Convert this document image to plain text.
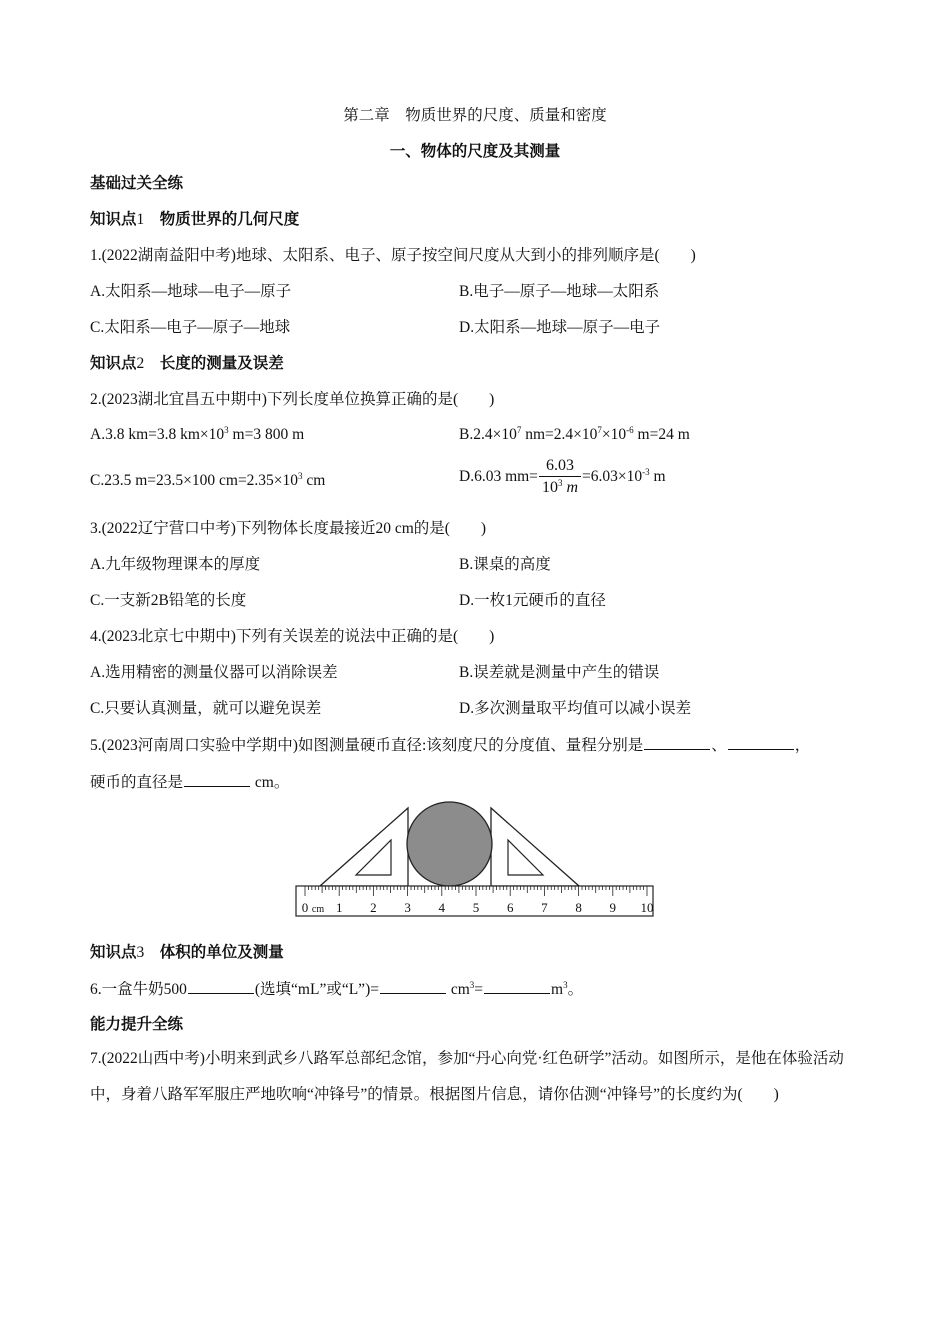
第二章　物质世界的尺度、质量和密度
一、物体的尺度及其测量
基础过关全练
知识点1　 物质世界的几何尺度
1.(2022湖南益阳中考)地球、太阳系、电子、原子按空间尺度从大到小的排列顺序是(　　)
A.太阳系—地球—电子—原子	B.电子—原子—地球—太阳系
C.太阳系—电子—原子—地球	D.太阳系—地球—原子—电子
知识点2　 长度的测量及误差
2.(2023湖北宜昌五中期中)下列长度单位换算正确的是(　　)
A.3.8 km=3.8 $km\times 10^3$ m=3 800 m	$B.2.4\times 10^7$ $nm=2.4\times 10^7\times 10^{-6}$ m=24 m
C.23.5 m=23.5×100 $cm=2.35\times 10^3$ cm	D.6.03 $mm= \frac{6.03}{10^3 m} =6.03\times 10^{-3}$ m
3.(2022辽宁营口中考)下列物体长度最接近20 cm的是(　　)
A.九年级物理课本的厚度	B.课桌的高度
C.一支新2B铅笔的长度	D.一枚1元硬币的直径
4.(2023北京七中期中)下列有关误差的说法中正确的是(　　)
A.选用精密的测量仪器可以消除误差	B.误差就是测量中产生的错误
C.只要认真测量，就可以避免误差	D.多次测量取平均值可以减小误差
5.(2023河南周口实验中学期中)如图测量硬币直径:该刻度尺的分度值、量程分别是	、	，
硬币的直径是	cm。
0 1 2 3 4 5 6 7 8 9 10
cm
知识点3　 体积的单位及测量
6.一盒牛奶500	(选填“mL”或“L”)=	$cm^3=$	$m^3$。
能力提升全练
7.(2022山西中考)小明来到武乡八路军总部纪念馆，参加“丹心向党·红色研学”活动。如图所示，是他在体验活动中，身着八路军军服庄严地吹响“冲锋号”的情景。根据图片信息，请你估测“冲锋号”的长度约为(　　)
